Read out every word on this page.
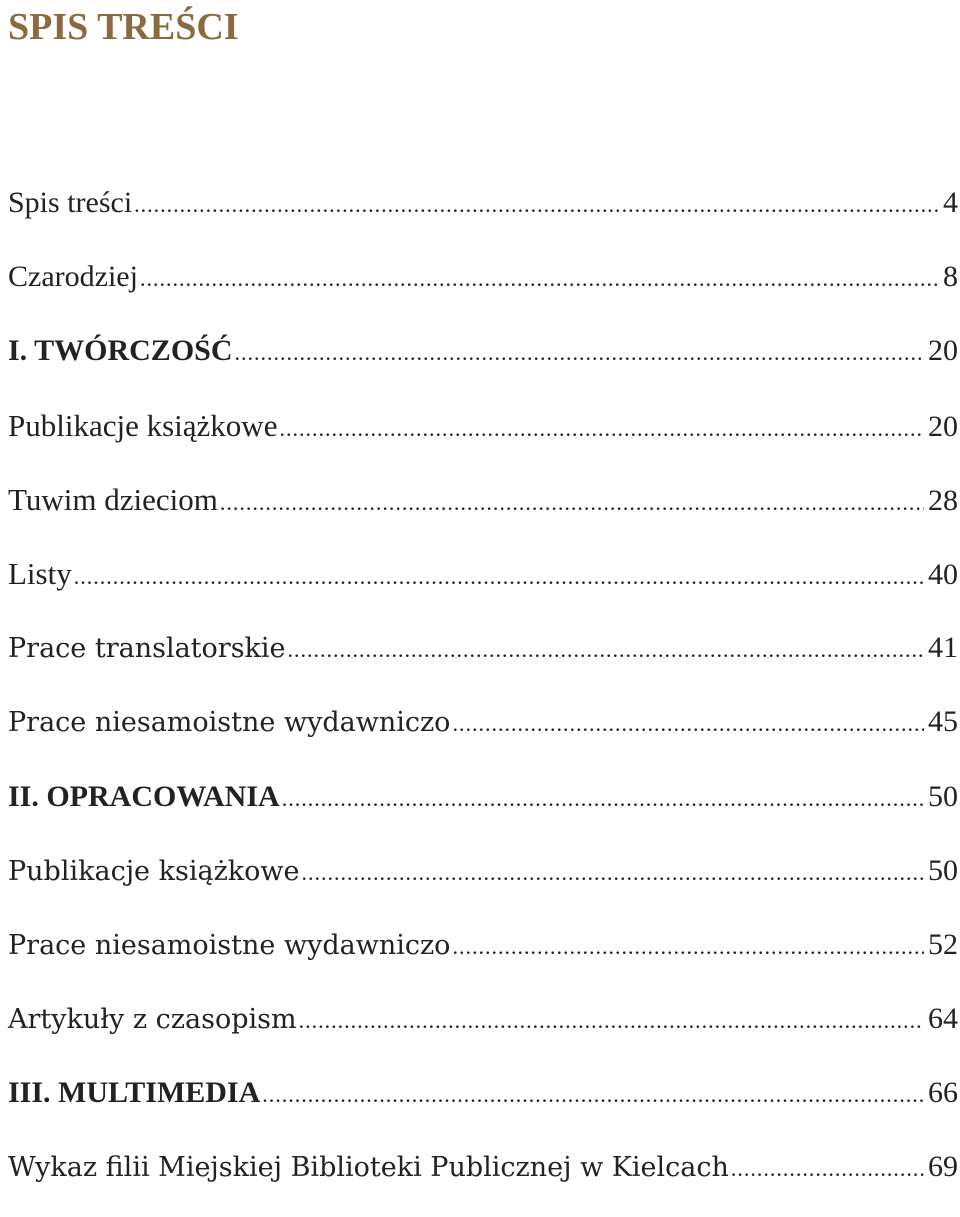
SPIS TREŚCI
Spis treści .....	4
Czarodziej .....	8
I. TWÓRCZOŚĆ .....	20
Publikacje książkowe .....	20
Tuwim dzieciom .....	28
Listy .....	40
Prace translatorskie .....	41
Prace niesamoistne wydawniczo .....	45
II. OPRACOWANIA .....	50
Publikacje książkowe .....	50
Prace niesamoistne wydawniczo .....	52
Artykuły z czasopism .....	64
III. MULTIMEDIA .....	66
Wykaz filii Miejskiej Biblioteki Publicznej w Kielcach .....	69
